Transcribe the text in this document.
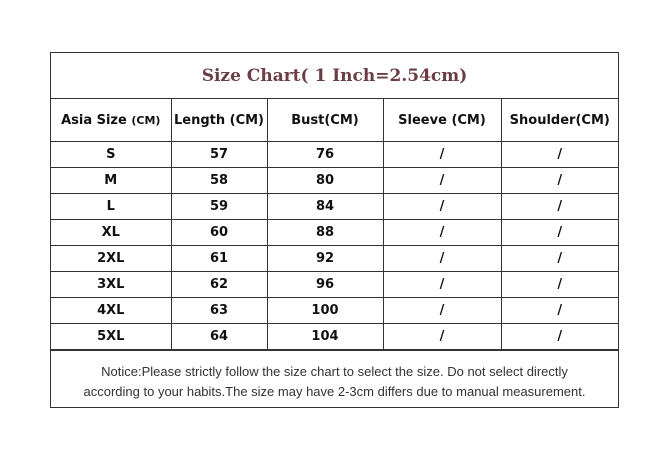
Size Chart( 1 Inch=2.54cm)
Asia Size (CM)	Length (CM)	Bust(CM)	Sleeve (CM)	Shoulder(CM)
S	57	76	/	/
M	58	80	/	/
L	59	84	/	/
XL	60	88	/	/
2XL	61	92	/	/
3XL	62	96	/	/
4XL	63	100	/	/
5XL	64	104	/	/
Notice:Please strictly follow the size chart to select the size. Do not select directly
according to your habits.The size may have 2-3cm differs due to manual measurement.
